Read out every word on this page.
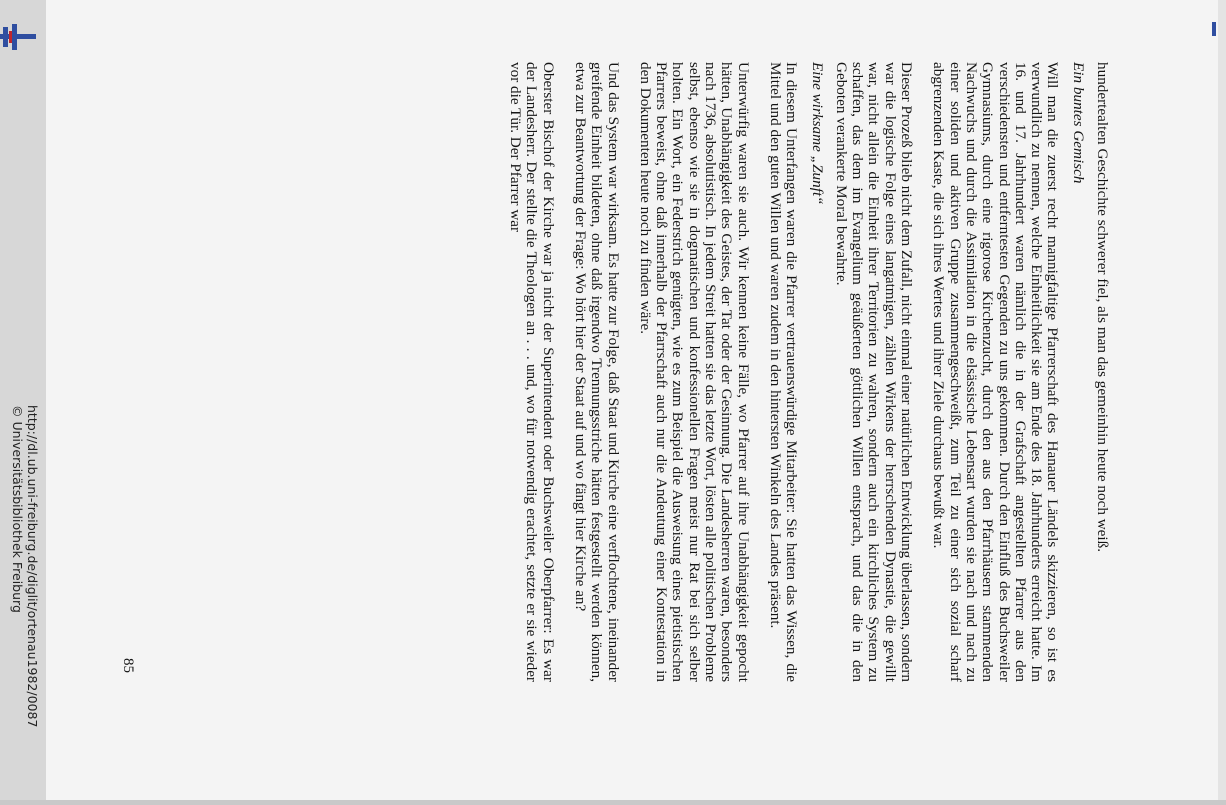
http://dl.ub.uni-freiburg.de/diglit/ortenau1982/0087
© Universitätsbibliothek Freiburg	hundertealten Geschichte schwerer fiel, als man das gemeinhin heute noch weiß.

Ein buntes Gemisch

Will man die zuerst recht mannigfaltige Pfarrerschaft des Hanauer Ländels skizzieren, so ist es verwundlich zu nennen, welche Einheitlichkeit sie am Ende des 18. Jahrhunderts erreicht hatte. Im 16. und 17. Jahrhundert waren nämlich die in der Grafschaft angestellten Pfarrer aus den verschiedensten und entferntesten Gegenden zu uns gekommen. Durch den Einfluß des Buchsweiler Gymnasiums, durch eine rigorose Kirchenzucht, durch den aus den Pfarrhäusern stammenden Nachwuchs und durch die Assimilation in die elsässische Lebensart wurden sie nach und nach zu einer soliden und aktiven Gruppe zusammengeschweißt, zum Teil zu einer sich sozial scharf abgrenzenden Kaste, die sich ihres Wertes und ihrer Ziele durchaus bewußt war.

Dieser Prozeß blieb nicht dem Zufall, nicht einmal einer natürlichen Entwicklung überlassen, sondern war die logische Folge eines langatmigen, zählen Wirkens der herrschenden Dynastie, die gewillt war, nicht allein die Einheit ihrer Territorien zu wahren, sondern auch ein kirchliches System zu schaffen, das dem im Evangelium geäußerten göttlichen Willen entsprach, und das die in den Geboten verankerte Moral bewahrte.

Eine wirksame „Zunft“

In diesem Unterfangen waren die Pfarrer vertrauenswürdige Mitarbeiter: Sie hatten das Wissen, die Mittel und den guten Willen und waren zudem in den hintersten Winkeln des Landes präsent.

Unterwürfig waren sie auch. Wir kennen keine Fälle, wo Pfarrer auf ihre Unabhängigkeit gepocht hätten, Unabhängigkeit des Geistes, der Tat oder der Gesinnung. Die Landesherren waren, besonders nach 1736, absolutistisch. In jedem Streit hatten sie das letzte Wort, lösten alle politischen Probleme selbst, ebenso wie sie in dogmatischen und konfessionellen Fragen meist nur Rat bei sich selber holten. Ein Wort, ein Federstrich genügten, wie es zum Beispiel die Ausweisung eines pietistischen Pfarrers beweist, ohne daß innerhalb der Pfarrschaft auch nur die Andeutung einer Kontestation in den Dokumenten heute noch zu finden wäre.

Und das System war wirksam. Es hatte zur Folge, daß Staat und Kirche eine verflochtene, ineinander greifende Einheit bildeten, ohne daß irgendwo Trennungsstriche hätten festgestellt werden können, etwa zur Beantwortung der Frage: Wo hört hier der Staat auf und wo fängt hier Kirche an?

Oberster Bischof der Kirche war ja nicht der Superintendent oder Buchsweiler Oberpfarrer: Es war der Landesherr. Der stellte die Theologen an . . . und, wo für notwendig erachtet, setzte er sie wieder vor die Tür. Der Pfarrer war

85
